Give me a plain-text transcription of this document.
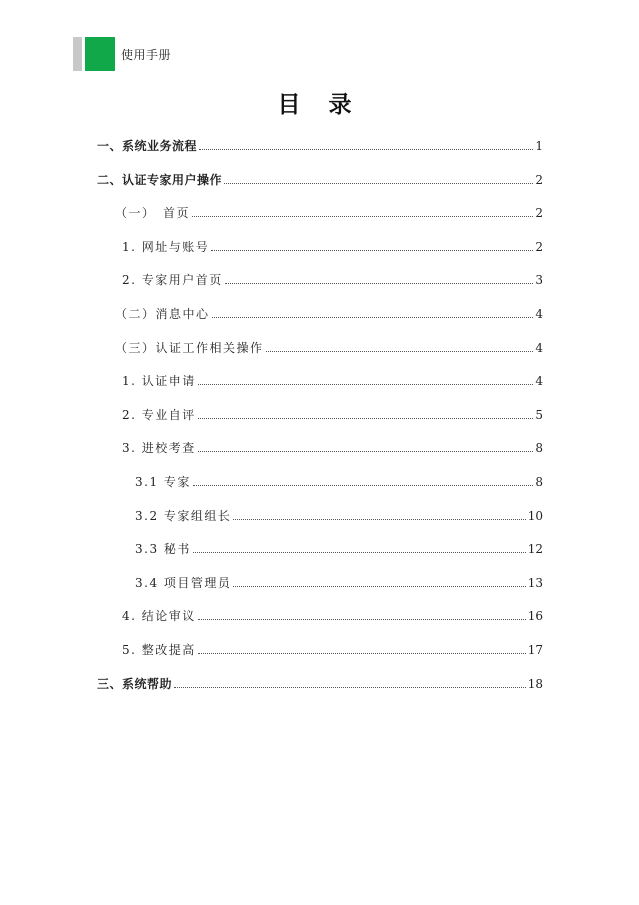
使用手册
目 录
一、系统业务流程	1
二、认证专家用户操作	2
（一）　首页	2
1. 网址与账号	2
2. 专家用户首页	3
（二）消息中心	4
（三）认证工作相关操作	4
1. 认证申请	4
2. 专业自评	5
3. 进校考查	8
3.1 专家	8
3.2 专家组组长	10
3.3 秘书	12
3.4 项目管理员	13
4. 结论审议	16
5. 整改提高	17
三、系统帮助	18
